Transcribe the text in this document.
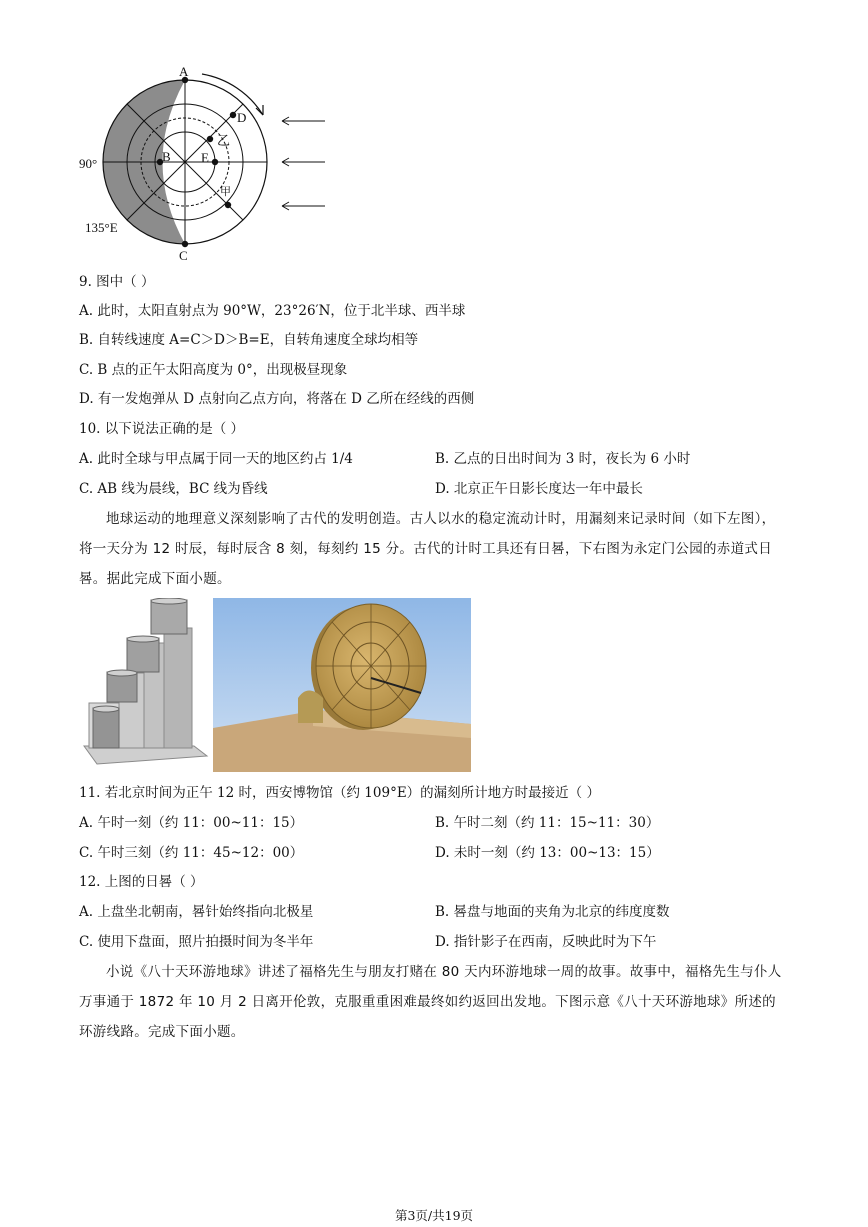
A
C
B E
D
乙
甲
90°
135°E
9. 图中（ ）
A. 此时，太阳直射点为 90°W，23°26′N，位于北半球、西半球
B. 自转线速度 A=C＞D＞B=E，自转角速度全球均相等
C. B 点的正午太阳高度为 0°，出现极昼现象
D. 有一发炮弹从 D 点射向乙点方向，将落在 D 乙所在经线的西侧
10. 以下说法正确的是（ ）
A. 此时全球与甲点属于同一天的地区约占 1/4	B. 乙点的日出时间为 3 时，夜长为 6 小时
C. AB 线为晨线，BC 线为昏线	D. 北京正午日影长度达一年中最长
地球运动的地理意义深刻影响了古代的发明创造。古人以水的稳定流动计时，用漏刻来记录时间（如下左图），将一天分为 12 时辰，每时辰含 8 刻，每刻约 15 分。古代的计时工具还有日晷，下右图为永定门公园的赤道式日晷。据此完成下面小题。
11. 若北京时间为正午 12 时，西安博物馆（约 109°E）的漏刻所计地方时最接近（ ）
A. 午时一刻（约 11：00~11：15）	B. 午时二刻（约 11：15~11：30）
C. 午时三刻（约 11：45~12：00）	D. 未时一刻（约 13：00~13：15）
12. 上图的日晷（ ）
A. 上盘坐北朝南，晷针始终指向北极星	B. 晷盘与地面的夹角为北京的纬度度数
C. 使用下盘面，照片拍摄时间为冬半年	D. 指针影子在西南，反映此时为下午
小说《八十天环游地球》讲述了福格先生与朋友打赌在 80 天内环游地球一周的故事。故事中，福格先生与仆人万事通于 1872 年 10 月 2 日离开伦敦，克服重重困难最终如约返回出发地。下图示意《八十天环游地球》所述的环游线路。完成下面小题。
第3页/共19页
